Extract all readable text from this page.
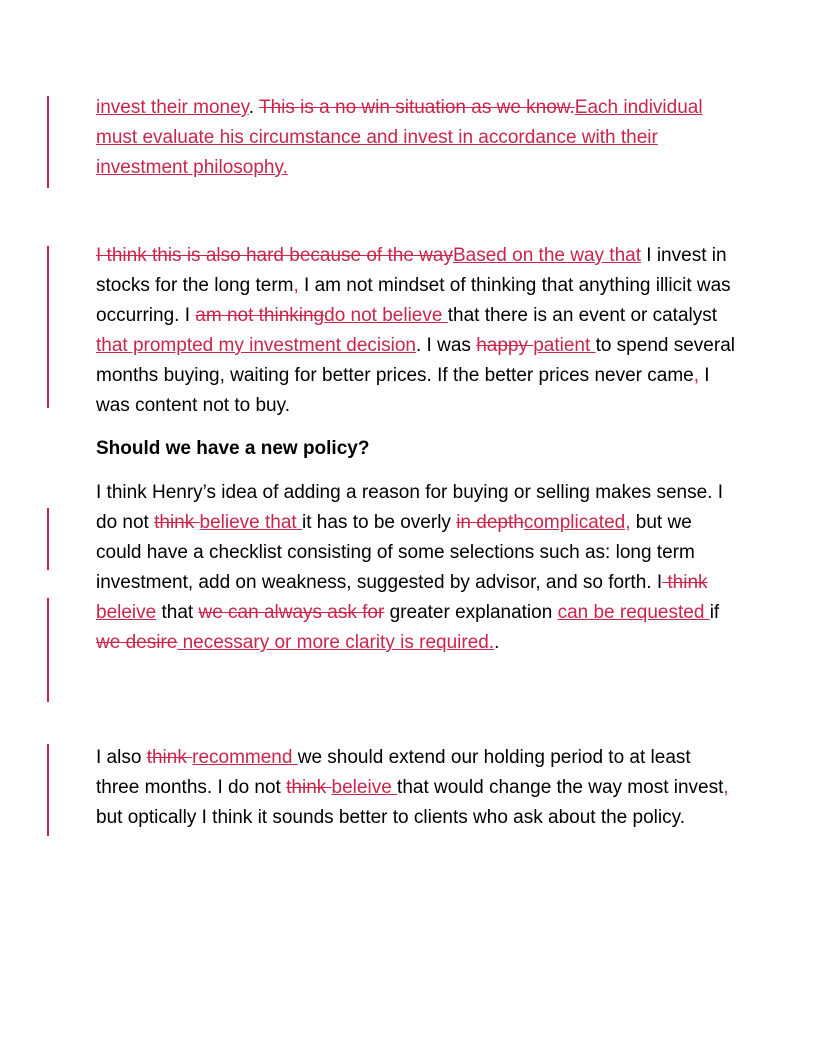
invest their money. This is a no win situation as we know.Each individual must evaluate his circumstance and invest in accordance with their investment philosophy.
I think this is also hard because of the wayBased on the way that I invest in stocks for the long term, I am not mindset of thinking that anything illicit was occurring. I am not thinkingdo not believe that there is an event or catalyst that prompted my investment decision. I was happy patient to spend several months buying, waiting for better prices. If the better prices never came, I was content not to buy.
Should we have a new policy?
I think Henry’s idea of adding a reason for buying or selling makes sense. I do not think believe that it has to be overly in depthcomplicated, but we could have a checklist consisting of some selections such as: long term investment, add on weakness, suggested by advisor, and so forth. I think beleive that we can always ask for greater explanation can be requested if we desire necessary or more clarity is required..
I also think recommend we should extend our holding period to at least three months. I do not think beleive that would change the way most invest, but optically I think it sounds better to clients who ask about the policy.
